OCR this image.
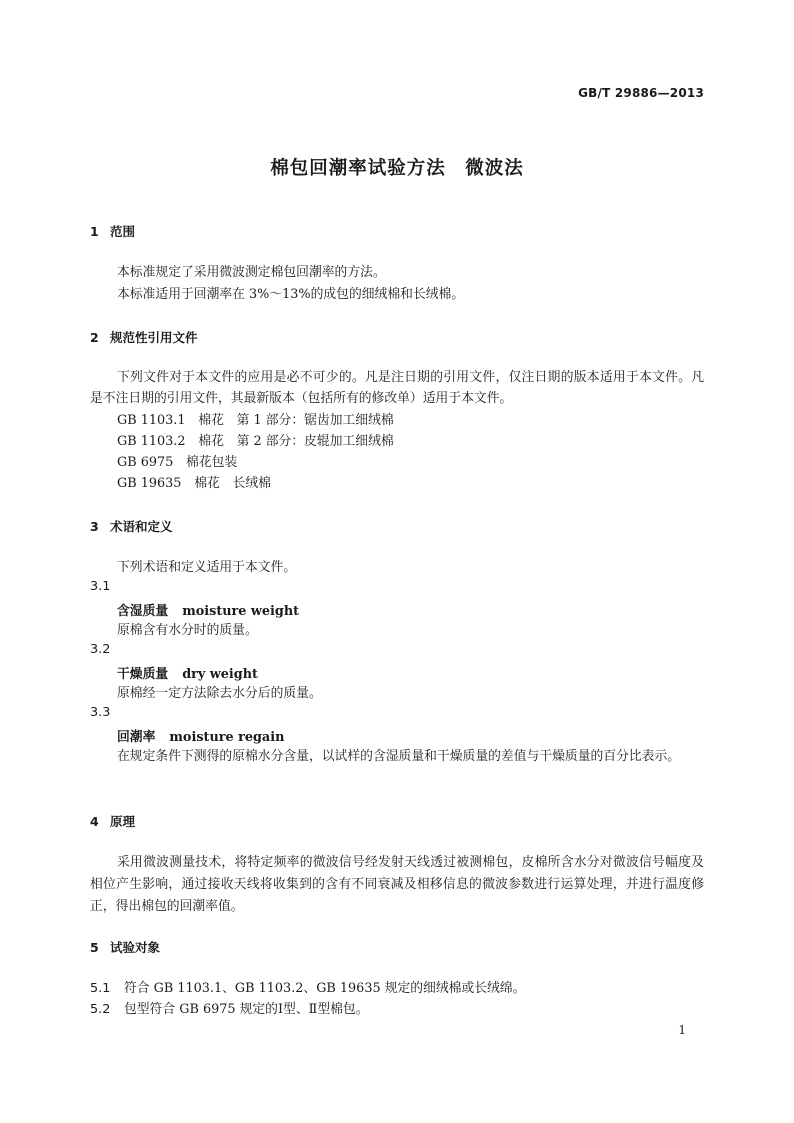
GB/T 29886—2013
棉包回潮率试验方法　微波法
1 范围
本标准规定了采用微波测定棉包回潮率的方法。
本标准适用于回潮率在 3%～13%的成包的细绒棉和长绒棉。
2 规范性引用文件
下列文件对于本文件的应用是必不可少的。凡是注日期的引用文件，仅注日期的版本适用于本文件。凡是不注日期的引用文件，其最新版本（包括所有的修改单）适用于本文件。
GB 1103.1　棉花　第 1 部分：锯齿加工细绒棉
GB 1103.2　棉花　第 2 部分：皮辊加工细绒棉
GB 6975　棉花包装
GB 19635　棉花　长绒棉
3 术语和定义
下列术语和定义适用于本文件。
3.1
含湿质量 moisture weight
原棉含有水分时的质量。
3.2
干燥质量 dry weight
原棉经一定方法除去水分后的质量。
3.3
回潮率 moisture regain
在规定条件下测得的原棉水分含量，以试样的含湿质量和干燥质量的差值与干燥质量的百分比表示。
4 原理
采用微波测量技术，将特定频率的微波信号经发射天线透过被测棉包，皮棉所含水分对微波信号幅度及相位产生影响，通过接收天线将收集到的含有不同衰减及相移信息的微波参数进行运算处理，并进行温度修正，得出棉包的回潮率值。
5 试验对象
5.1 符合 GB 1103.1、GB 1103.2、GB 19635 规定的细绒棉或长绒绵。
5.2 包型符合 GB 6975 规定的Ⅰ型、Ⅱ型棉包。
1
